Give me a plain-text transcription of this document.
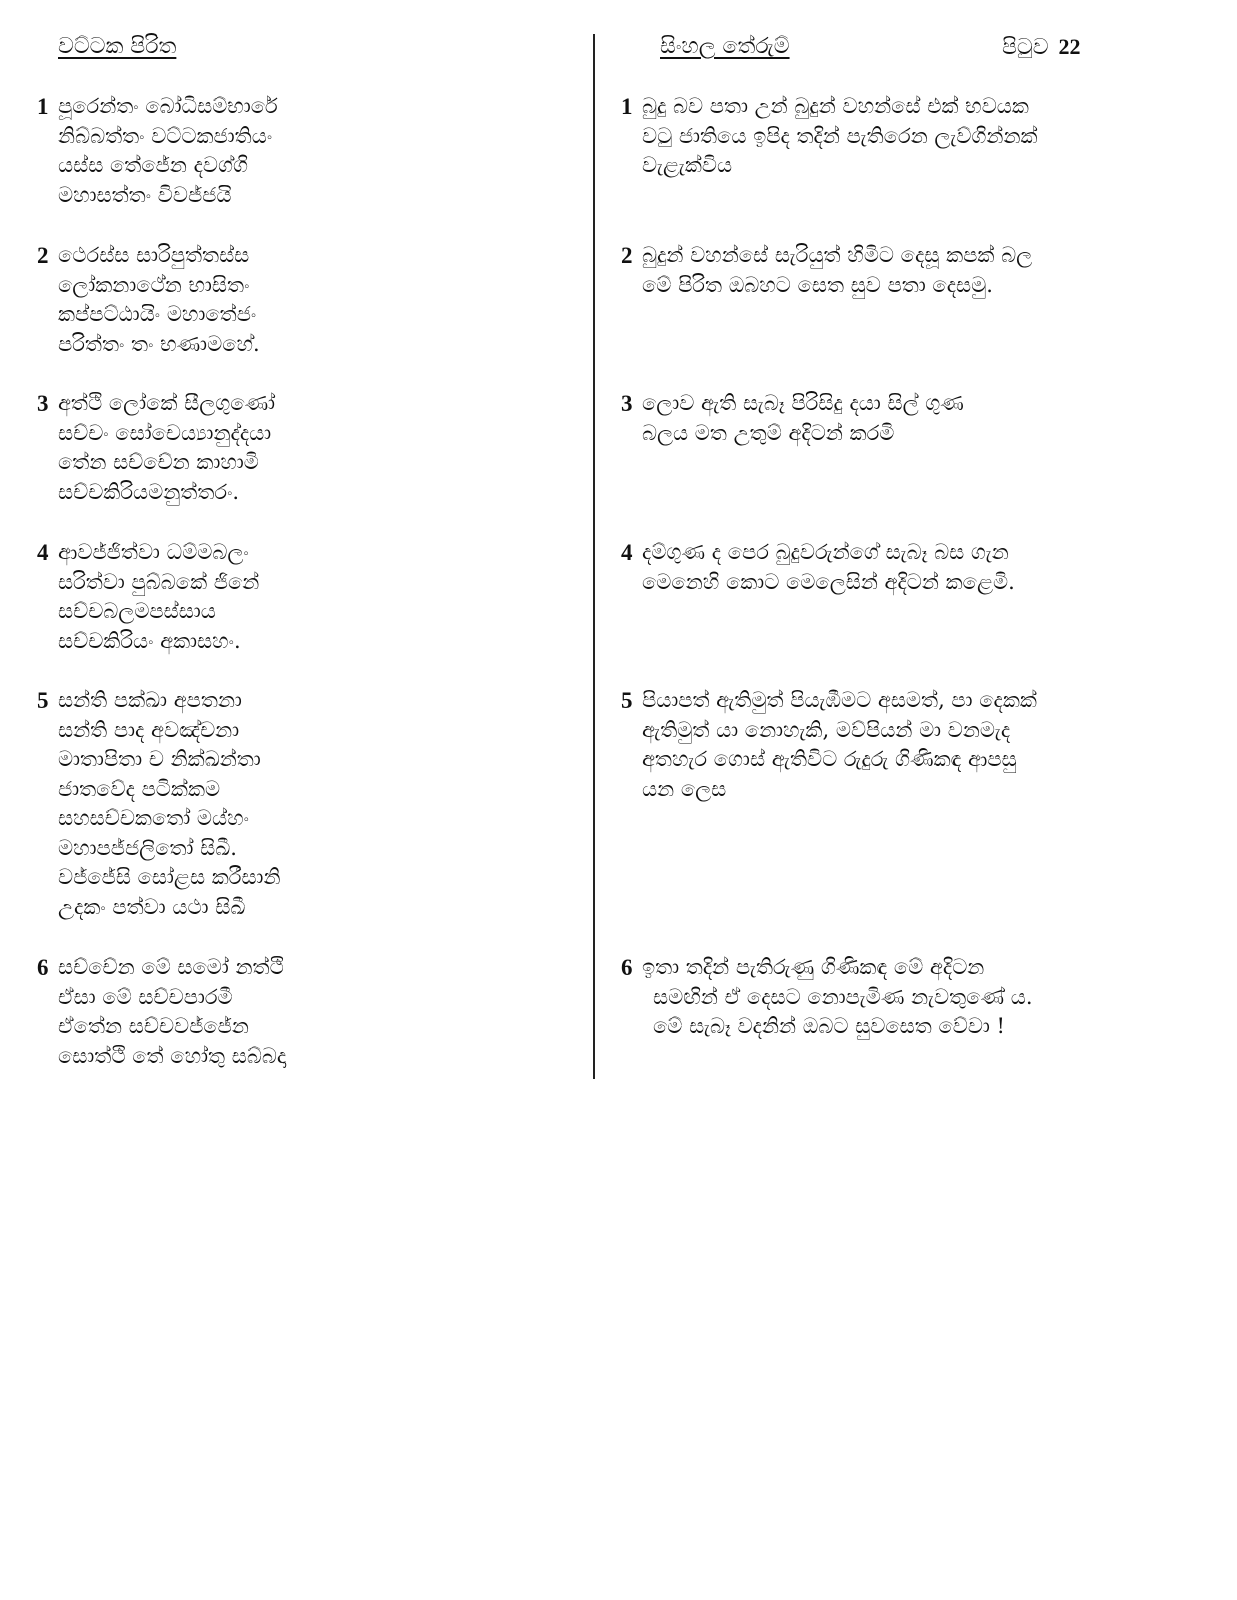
වට්ටක පිරිත	සිංහල තේරුම්	පිටුව 22
1 පූරෙන්තං බෝධිසම්භාරේ
නිබ්බත්තං වට්ටකජාතියං
යස්ස තේජේන දවග්ගි
මහාසත්තං විවජ්ජයි
2 ථෙරස්ස සාරිපුත්තස්ස
ලෝකනාථේන භාසිතං
කප්පට්ඨායිං මහාතේජං
පරිත්තං තං භණාමහේ.
3 අත්ථි ලෝකේ සීලගුණෝ
සච්චං සෝචෙය්‍යානුද්දයා
තේන සච්චේන කාහාමි
සච්චකිරියමනුත්තරං.
4 ආවජ්ජිත්වා ධම්මබලං
සරිත්වා පුබ්බකේ ජිනේ
සච්චබලමපස්සාය
සච්චකිරියං අකාසහං.
5 සන්ති පක්ඛා අපතනා
සන්ති පාද අවඤ්චනා
මාතාපිතා ච නික්ඛන්තා
ජාතවේද පටික්කම
සහසච්චකතෝ මය්හං
මහාපජ්ජලිතෝ සිඛී.
වජ්ජේසි සෝළස කරීසානි
උදකං පත්වා යථා සිඛී
6 සච්චේන මේ සමෝ නත්ථි
ඒසා මේ සච්චපාරමී
ඒතේන සච්චවජ්ජේන
සොත්ථි තේ හෝතු සබ්බදා
1 බුදු බව පතා උන් බුදුන් වහන්සේ එක් භවයක
වටු ජාතියෙ ඉපිද තදින් පැතිරෙන ලැව්ගින්නක්
වැළැක්විය
2 බුදුන් වහන්සේ සැරියුත් හිමිට දෙසූ කපක් බල
මේ පිරිත ඔබහට සෙත සුව පතා දෙසමු.
3 ලොව ඇති සැබෑ පිරිසිදු දයා සිල් ගුණ
බලය මත උතුම් අදිටන් කරමි
4 දම්ගුණ ද පෙර බුදුවරුන්ගේ සැබෑ බස ගැන
මෙනෙහි කොට මෙලෙසින් අදිටන් කළෙමි.
5 පියාපත් ඇතිමුත් පියැඹීමට අසමත්, පා දෙකක්
ඇතිමුත් යා නොහැකි, මව්පියන් මා වනමැද
අතහැර ගොස් ඇතිවිට රුදුරු ගිණිකඳ ආපසු
යන ලෙස
6 ඉතා තදින් පැතිරුණු ගිණිකඳ මේ අදිටන
සමඟින් ඒ දෙසට නොපැමිණ නැවතුණේ ය.
මේ සැබෑ වදනින් ඔබට සුවසෙත වේවා !
